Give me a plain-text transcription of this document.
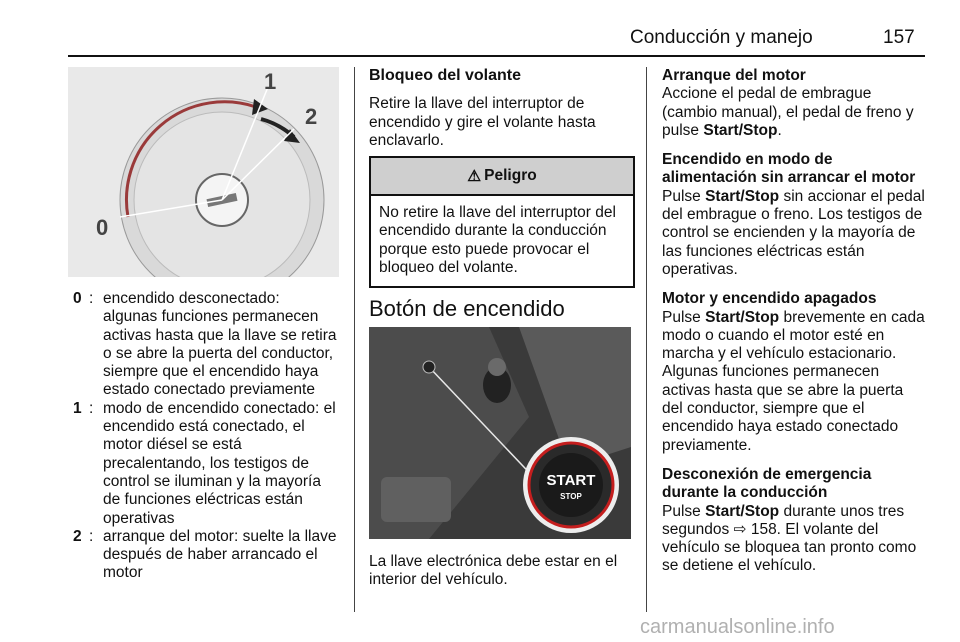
Conducción y manejo	157
1
2
0
0 : encendido desconectado: algunas funciones permanecen activas hasta que la llave se retira o se abre la puerta del conductor, siempre que el encendido haya estado conectado previamente
1 : modo de encendido conectado: el encendido está conectado, el motor diésel se está precalentando, los testigos de control se iluminan y la mayoría de funciones eléctricas están operativas
2 : arranque del motor: suelte la llave después de haber arrancado el motor

Bloqueo del volante

Retire la llave del interruptor de encendido y gire el volante hasta enclavarlo.

⚠ Peligro
No retire la llave del interruptor del encendido durante la conducción porque esto puede provocar el bloqueo del volante.
Botón de encendido
START
STOP
La llave electrónica debe estar en el interior del vehículo.

Arranque del motor

Accione el pedal de embrague (cambio manual), el pedal de freno y pulse Start/Stop.

Encendido en modo de alimentación sin arrancar el motor

Pulse Start/Stop sin accionar el pedal del embrague o freno. Los testigos de control se encienden y la mayoría de las funciones eléctricas están operativas.

Motor y encendido apagados

Pulse Start/Stop brevemente en cada modo o cuando el motor esté en marcha y el vehículo estacionario. Algunas funciones permanecen activas hasta que se abre la puerta del conductor, siempre que el encendido haya estado conectado previamente.

Desconexión de emergencia durante la conducción

Pulse Start/Stop durante unos tres segundos ⇨ 158. El volante del vehículo se bloquea tan pronto como se detiene el vehículo.

carmanualsonline.info
